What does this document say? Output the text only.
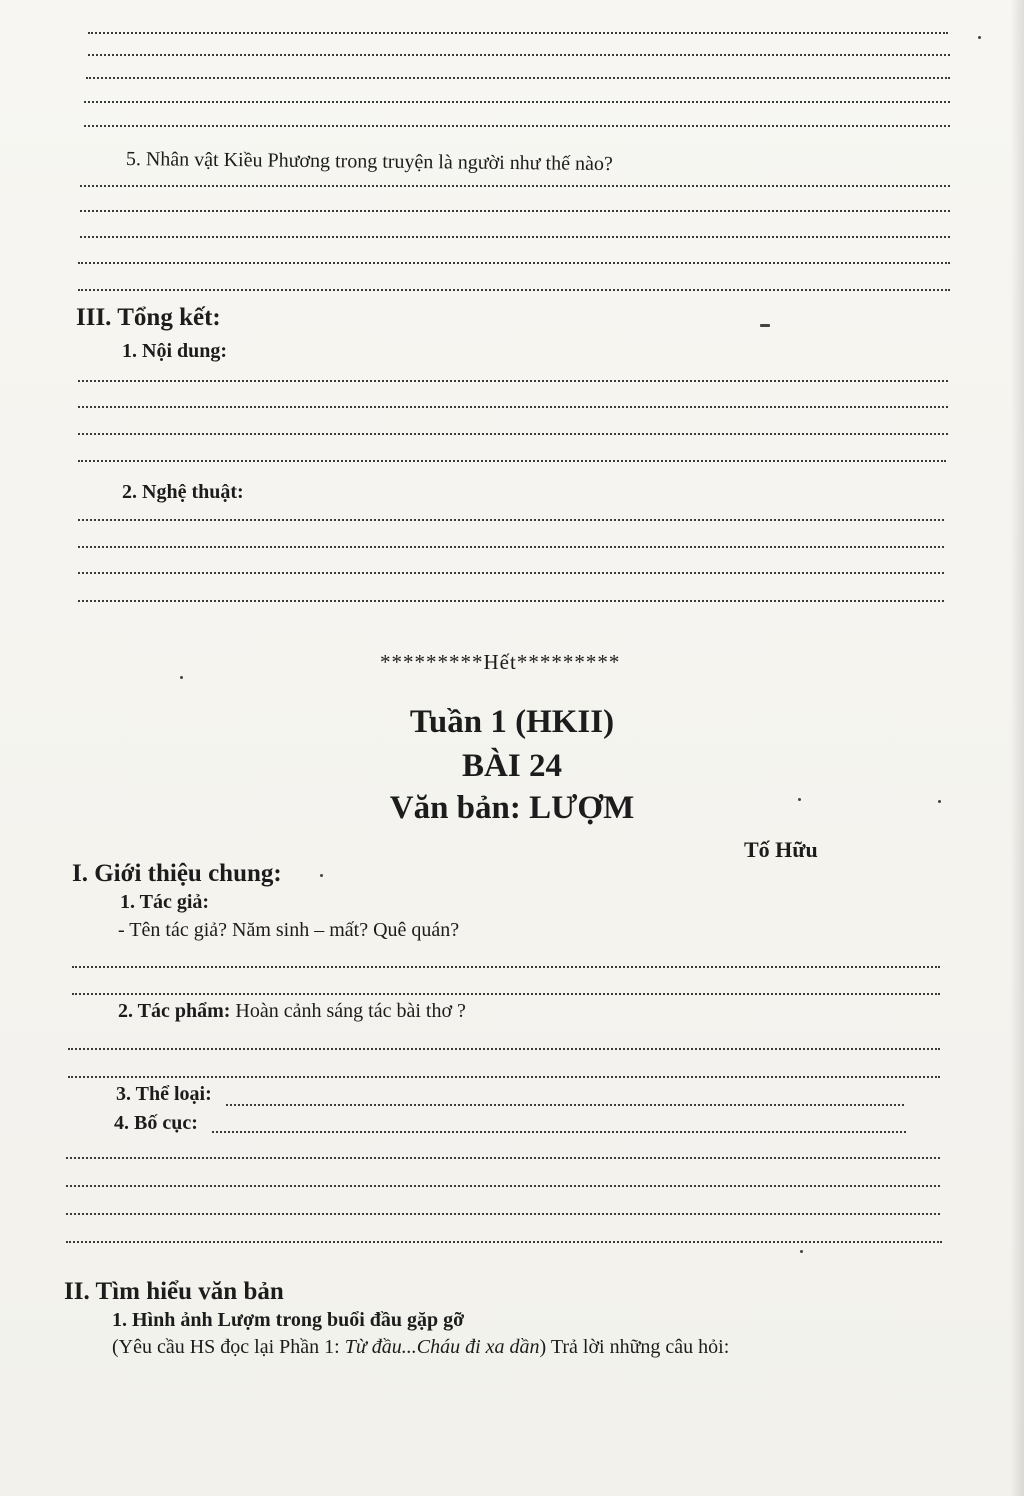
5. Nhân vật Kiều Phương trong truyện là người như thế nào?
III. Tổng kết:
1. Nội dung:
2. Nghệ thuật:
*********Hết*********
Tuần 1 (HKII)
BÀI 24
Văn bản: LƯỢM
Tố Hữu
I. Giới thiệu chung:
1. Tác giả:
- Tên tác giả? Năm sinh – mất? Quê quán?
2. Tác phẩm: Hoàn cảnh sáng tác bài thơ ?
3. Thể loại:
4. Bố cục:
II. Tìm hiểu văn bản
1. Hình ảnh Lượm trong buổi đầu gặp gỡ
(Yêu cầu HS đọc lại Phần 1: Từ đầu...Cháu đi xa dần) Trả lời những câu hỏi:
